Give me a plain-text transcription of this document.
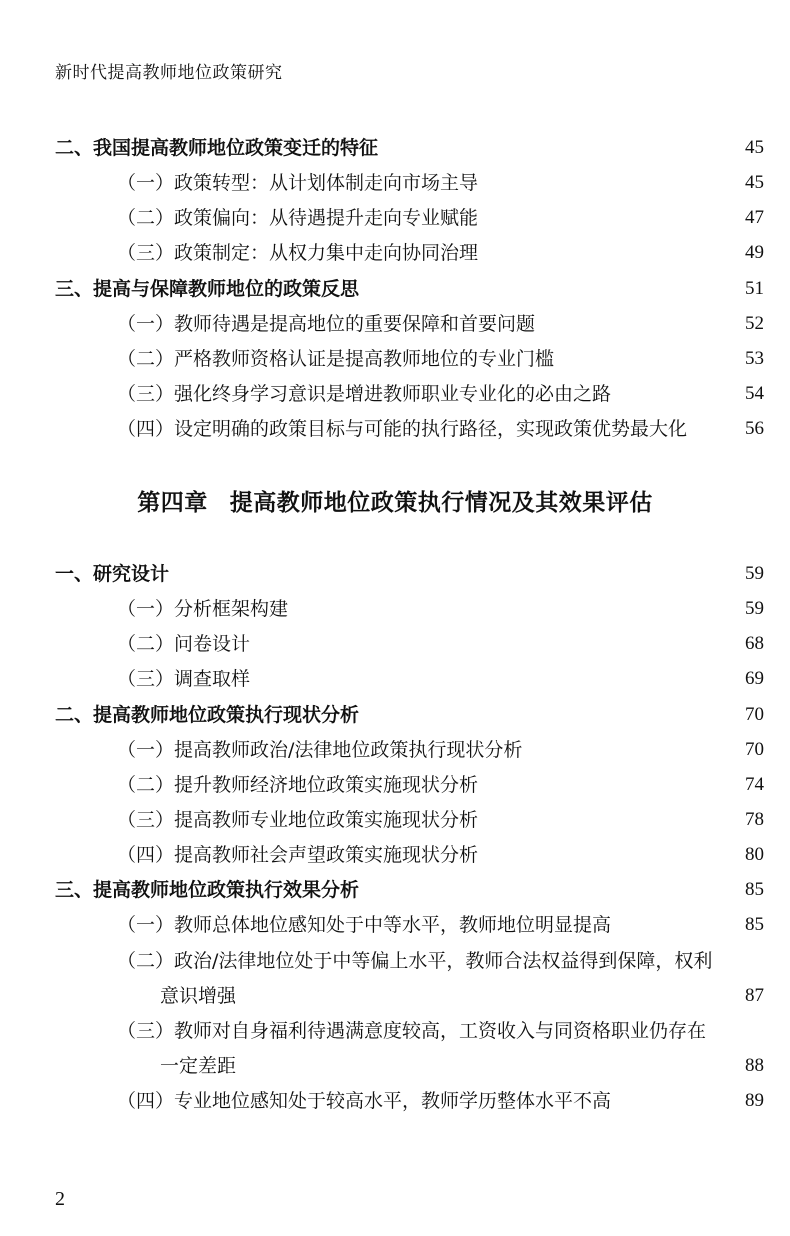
新时代提高教师地位政策研究
二、我国提高教师地位政策变迁的特征	45
（一）政策转型：从计划体制走向市场主导	45
（二）政策偏向：从待遇提升走向专业赋能	47
（三）政策制定：从权力集中走向协同治理	49
三、提高与保障教师地位的政策反思	51
（一）教师待遇是提高地位的重要保障和首要问题	52
（二）严格教师资格认证是提高教师地位的专业门槛	53
（三）强化终身学习意识是增进教师职业专业化的必由之路	54
（四）设定明确的政策目标与可能的执行路径，实现政策优势最大化	56
第四章 提高教师地位政策执行情况及其效果评估
一、研究设计	59
（一）分析框架构建	59
（二）问卷设计	68
（三）调查取样	69
二、提高教师地位政策执行现状分析	70
（一）提高教师政治/法律地位政策执行现状分析	70
（二）提升教师经济地位政策实施现状分析	74
（三）提高教师专业地位政策实施现状分析	78
（四）提高教师社会声望政策实施现状分析	80
三、提高教师地位政策执行效果分析	85
（一）教师总体地位感知处于中等水平，教师地位明显提高	85
（二）政治/法律地位处于中等偏上水平，教师合法权益得到保障，权利
意识增强	87
（三）教师对自身福利待遇满意度较高，工资收入与同资格职业仍存在
一定差距	88
（四）专业地位感知处于较高水平，教师学历整体水平不高	89
2
